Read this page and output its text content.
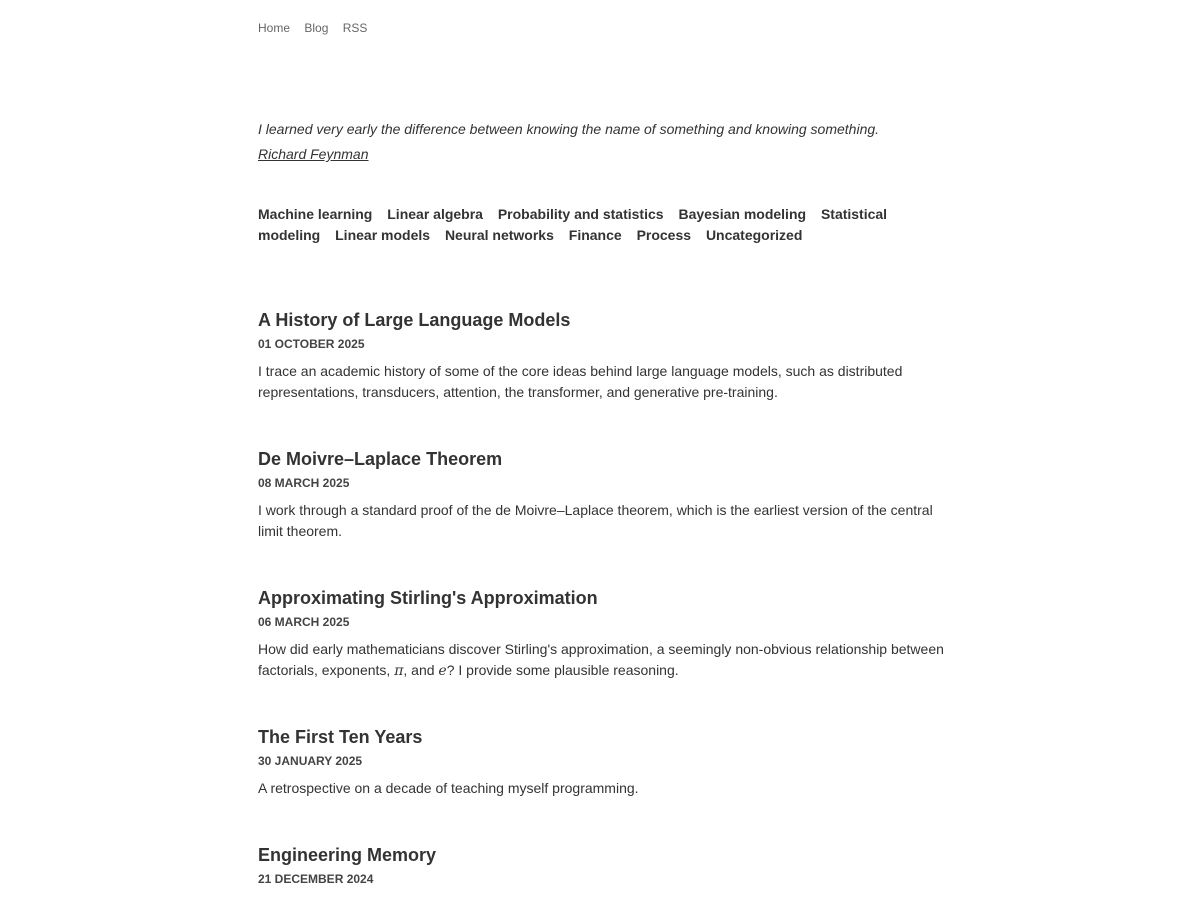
Home Blog RSS

I learned very early the difference between knowing the name of something and knowing something.

Richard Feynman
Machine learning Linear algebra Probability and statistics Bayesian modeling Statistical modeling Linear models Neural networks Finance Process Uncategorized
A History of Large Language Models
01 OCTOBER 2025
I trace an academic history of some of the core ideas behind large language models, such as distributed representations, transducers, attention, the transformer, and generative pre-training.
De Moivre–Laplace Theorem
08 MARCH 2025
I work through a standard proof of the de Moivre–Laplace theorem, which is the earliest version of the central limit theorem.
Approximating Stirling's Approximation
06 MARCH 2025
How did early mathematicians discover Stirling's approximation, a seemingly non-obvious relationship between factorials, exponents, π, and e? I provide some plausible reasoning.
The First Ten Years
30 JANUARY 2025
A retrospective on a decade of teaching myself programming.
Engineering Memory
21 DECEMBER 2024
